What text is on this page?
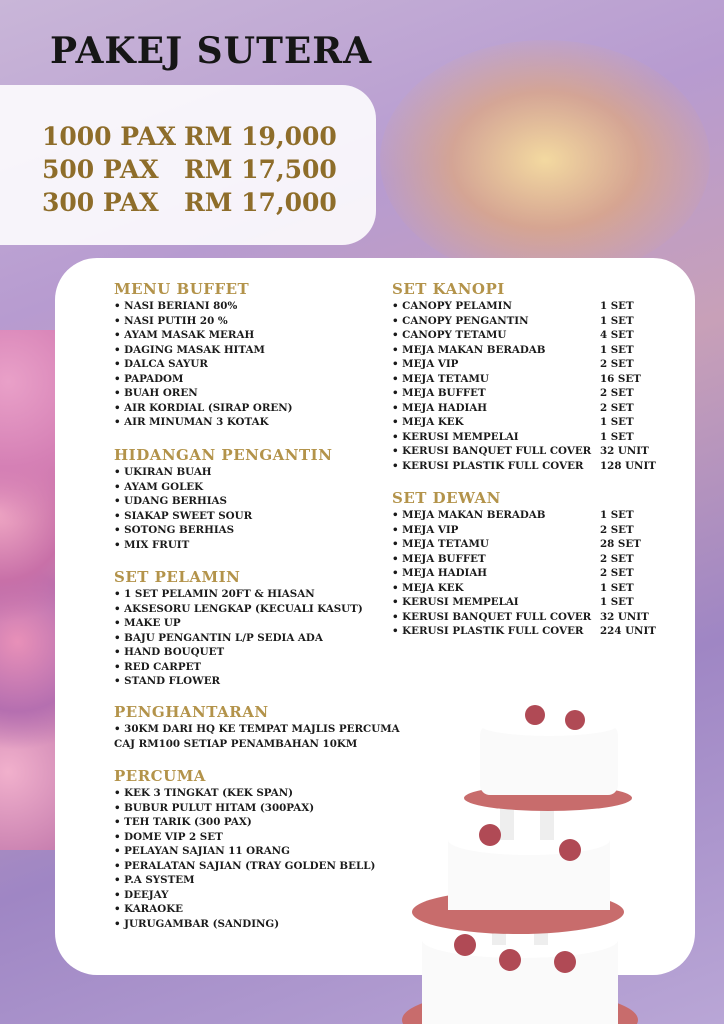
PAKEJ SUTERA
1000 PAX RM 19,000
500 PAX	RM 17,500
300 PAX	RM 17,000
MENU BUFFET
• NASI BERIANI 80%
• NASI PUTIH 20 %
• AYAM MASAK MERAH
• DAGING MASAK HITAM
• DALCA SAYUR
• PAPADOM
• BUAH OREN
• AIR KORDIAL (SIRAP OREN)
• AIR MINUMAN 3 KOTAK
HIDANGAN PENGANTIN
• UKIRAN BUAH
• AYAM GOLEK
• UDANG BERHIAS
• SIAKAP SWEET SOUR
• SOTONG BERHIAS
• MIX FRUIT
SET PELAMIN
• 1 SET PELAMIN 20FT & HIASAN
• AKSESORU LENGKAP (KECUALI KASUT)
• MAKE UP
• BAJU PENGANTIN L/P SEDIA ADA
• HAND BOUQUET
• RED CARPET
• STAND FLOWER
PENGHANTARAN
• 30KM DARI HQ KE TEMPAT MAJLIS PERCUMA
CAJ RM100 SETIAP PENAMBAHAN 10KM
PERCUMA
• KEK 3 TINGKAT (KEK SPAN)
• BUBUR PULUT HITAM (300PAX)
• TEH TARIK (300 PAX)
• DOME VIP 2 SET
• PELAYAN SAJIAN 11 ORANG
• PERALATAN SAJIAN (TRAY GOLDEN BELL)
• P.A SYSTEM
• DEEJAY
• KARAOKE
• JURUGAMBAR (SANDING)
SET KANOPI
• CANOPY PELAMIN	1 SET
• CANOPY PENGANTIN	1 SET
• CANOPY TETAMU	4 SET
• MEJA MAKAN BERADAB	1 SET
• MEJA VIP	2 SET
• MEJA TETAMU	16 SET
• MEJA BUFFET	2 SET
• MEJA HADIAH	2 SET
• MEJA KEK	1 SET
• KERUSI MEMPELAI	1 SET
• KERUSI BANQUET FULL COVER 32 UNIT
• KERUSI PLASTIK FULL COVER	128 UNIT
SET DEWAN
• MEJA MAKAN BERADAB	1 SET
• MEJA VIP	2 SET
• MEJA TETAMU	28 SET
• MEJA BUFFET	2 SET
• MEJA HADIAH	2 SET
• MEJA KEK	1 SET
• KERUSI MEMPELAI	1 SET
• KERUSI BANQUET FULL COVER 32 UNIT
• KERUSI PLASTIK FULL COVER	224 UNIT
